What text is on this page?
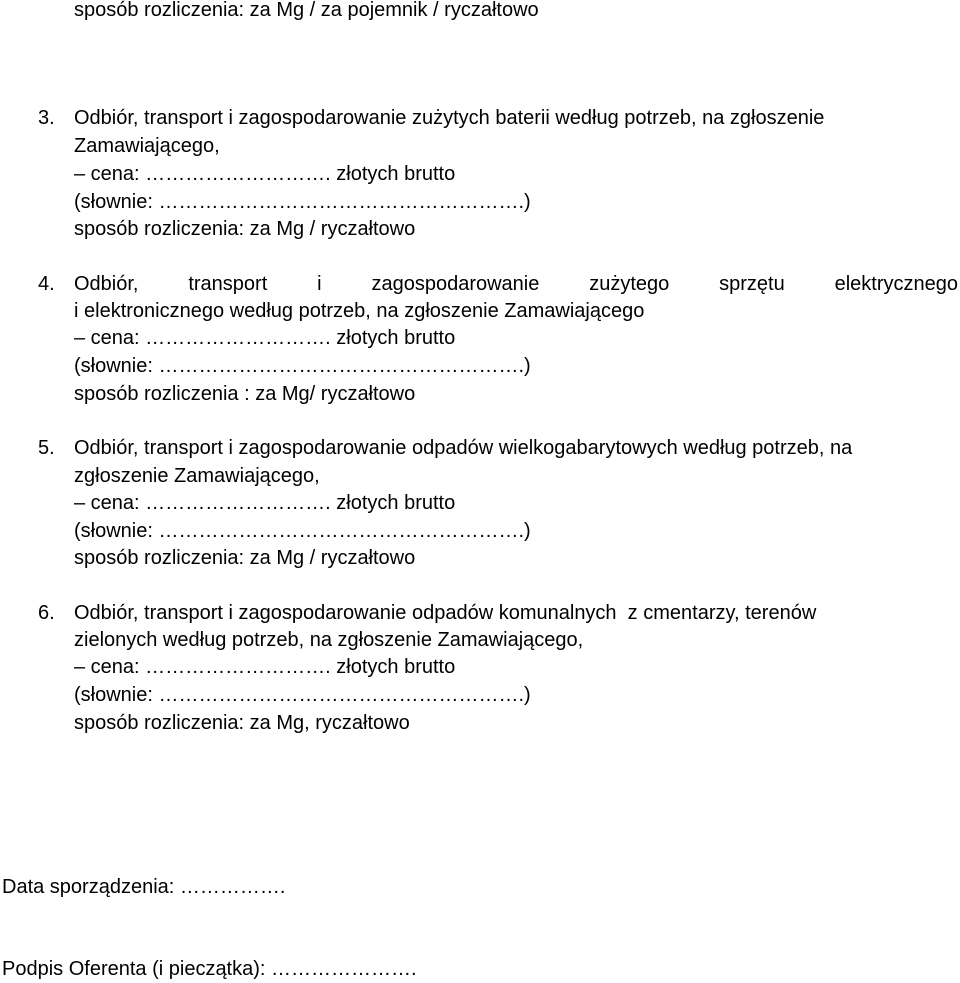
sposób rozliczenia: za Mg / za pojemnik / ryczałtowo
3. Odbiór, transport i zagospodarowanie zużytych baterii według potrzeb, na zgłoszenie
Zamawiającego,
– cena: ………………………. złotych brutto
(słownie: ……………………………………………….)
sposób rozliczenia: za Mg / ryczałtowo
4. Odbiór, transport i zagospodarowanie zużytego sprzętu elektrycznego
i elektronicznego według potrzeb, na zgłoszenie Zamawiającego
– cena: ………………………. złotych brutto
(słownie: ……………………………………………….)
sposób rozliczenia : za Mg/ ryczałtowo
5. Odbiór, transport i zagospodarowanie odpadów wielkogabarytowych według potrzeb, na
zgłoszenie Zamawiającego,
– cena: ………………………. złotych brutto
(słownie: ……………………………………………….)
sposób rozliczenia: za Mg / ryczałtowo
6. Odbiór, transport i zagospodarowanie odpadów komunalnych  z cmentarzy, terenów
zielonych według potrzeb, na zgłoszenie Zamawiającego,
– cena: ………………………. złotych brutto
(słownie: ……………………………………………….)
sposób rozliczenia: za Mg, ryczałtowo
Data sporządzenia: …………….
Podpis Oferenta (i pieczątka): ………………….
